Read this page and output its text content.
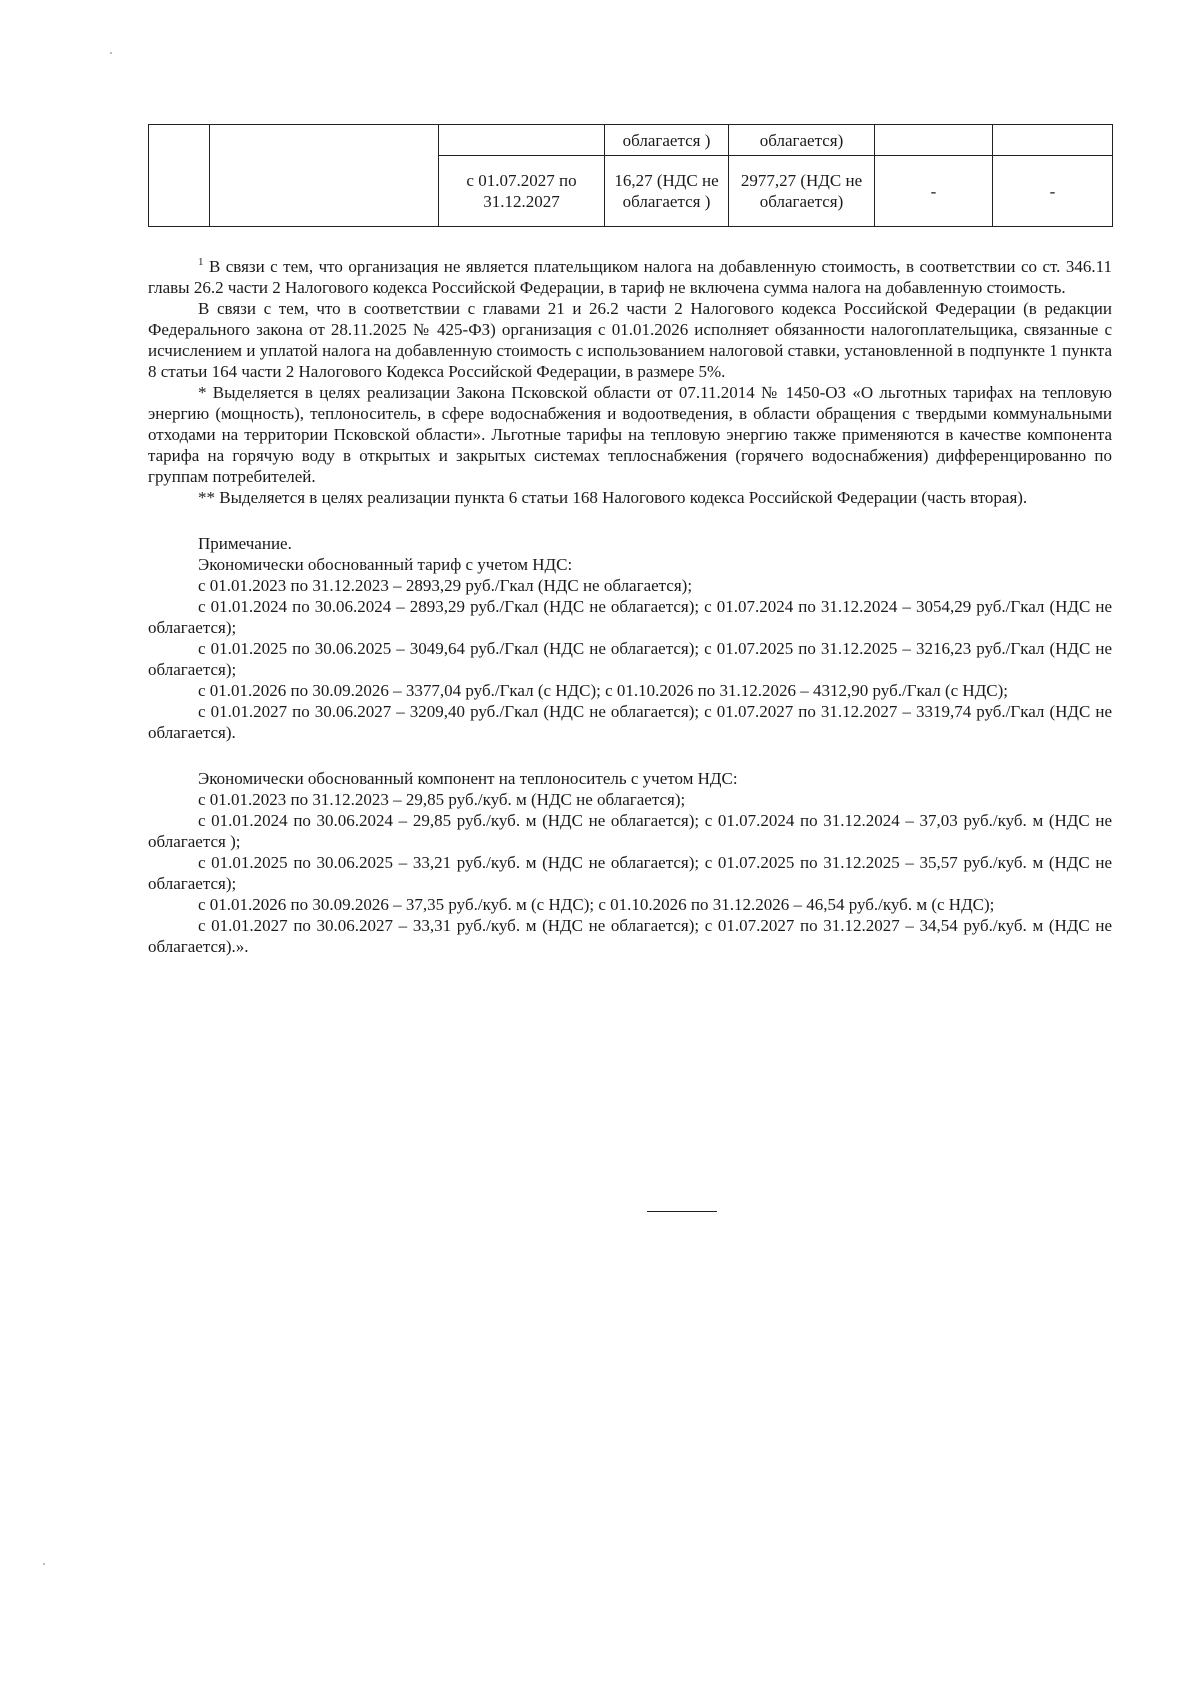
			облагается )	облагается)		
		с 01.07.2027 по 31.12.2027	16,27 (НДС не облагается )	2977,27 (НДС не облагается)	-	-

$^1$ В связи с тем, что организация не является плательщиком налога на добавленную стоимость, в соответствии со ст. 346.11 главы 26.2 части 2 Налогового кодекса Российской Федерации, в тариф не включена сумма налога на добавленную стоимость.

В связи с тем, что в соответствии с главами 21 и 26.2 части 2 Налогового кодекса Российской Федерации (в редакции Федерального закона от 28.11.2025 № 425-ФЗ) организация с 01.01.2026 исполняет обязанности налогоплательщика, связанные с исчислением и уплатой налога на добавленную стоимость с использованием налоговой ставки, установленной в подпункте 1 пункта 8 статьи 164 части 2 Налогового Кодекса Российской Федерации, в размере 5%.

* Выделяется в целях реализации Закона Псковской области от 07.11.2014 № 1450-ОЗ «О льготных тарифах на тепловую энергию (мощность), теплоноситель, в сфере водоснабжения и водоотведения, в области обращения с твердыми коммунальными отходами на территории Псковской области». Льготные тарифы на тепловую энергию также применяются в качестве компонента тарифа на горячую воду в открытых и закрытых системах теплоснабжения (горячего водоснабжения) дифференцированно по группам потребителей.

** Выделяется в целях реализации пункта 6 статьи 168 Налогового кодекса Российской Федерации (часть вторая).

Примечание.

Экономически обоснованный тариф с учетом НДС:

с 01.01.2023 по 31.12.2023 – 2893,29 руб./Гкал (НДС не облагается);

с 01.01.2024 по 30.06.2024 – 2893,29 руб./Гкал (НДС не облагается); с 01.07.2024 по 31.12.2024 – 3054,29 руб./Гкал (НДС не облагается);

с 01.01.2025 по 30.06.2025 – 3049,64 руб./Гкал (НДС не облагается); с 01.07.2025 по 31.12.2025 – 3216,23 руб./Гкал (НДС не облагается);

с 01.01.2026 по 30.09.2026 – 3377,04 руб./Гкал (с НДС); с 01.10.2026 по 31.12.2026 – 4312,90 руб./Гкал (с НДС);

с 01.01.2027 по 30.06.2027 – 3209,40 руб./Гкал (НДС не облагается); с 01.07.2027 по 31.12.2027 – 3319,74 руб./Гкал (НДС не облагается).

Экономически обоснованный компонент на теплоноситель с учетом НДС:

с 01.01.2023 по 31.12.2023 – 29,85 руб./куб. м (НДС не облагается);

с 01.01.2024 по 30.06.2024 – 29,85 руб./куб. м (НДС не облагается); с 01.07.2024 по 31.12.2024 – 37,03 руб./куб. м (НДС не облагается );

с 01.01.2025 по 30.06.2025 – 33,21 руб./куб. м (НДС не облагается); с 01.07.2025 по 31.12.2025 – 35,57 руб./куб. м (НДС не облагается);

с 01.01.2026 по 30.09.2026 – 37,35 руб./куб. м (с НДС); с 01.10.2026 по 31.12.2026 – 46,54 руб./куб. м (с НДС);

с 01.01.2027 по 30.06.2027 – 33,31 руб./куб. м (НДС не облагается); с 01.07.2027 по 31.12.2027 – 34,54 руб./куб. м (НДС не облагается).».
